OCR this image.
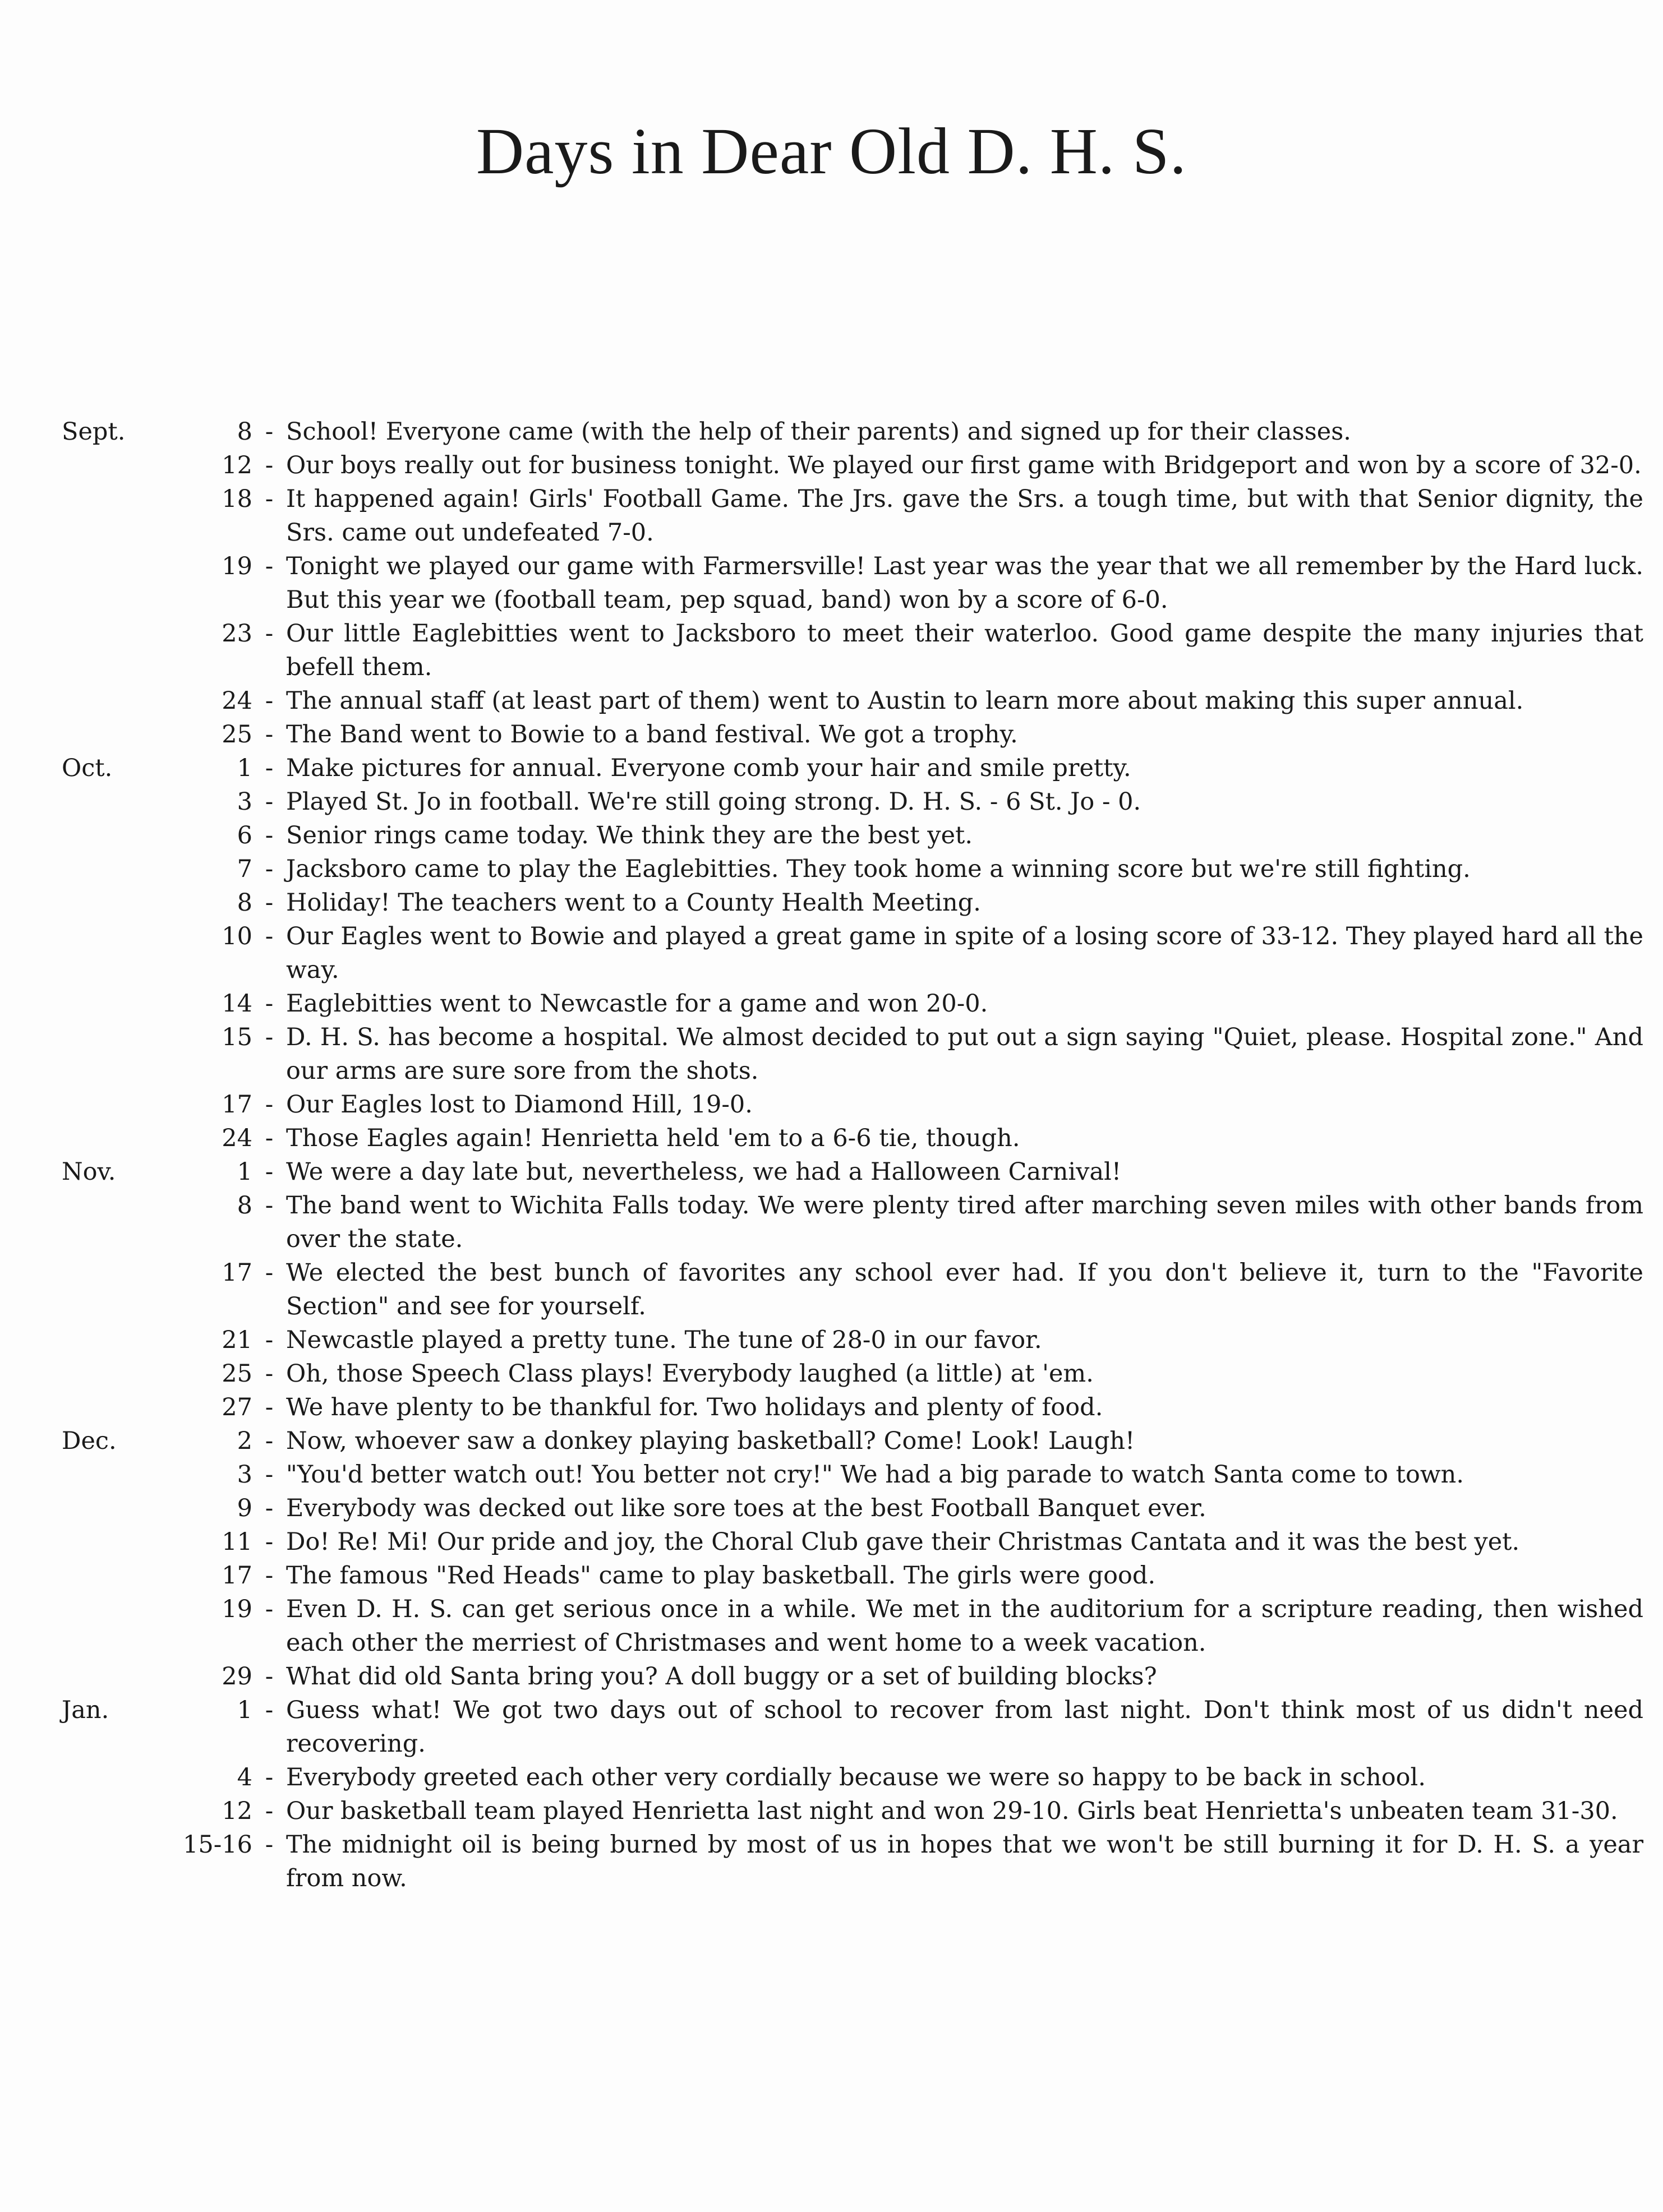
Days in Dear Old D. H. S.
Sept.	8 - School! Everyone came (with the help of their parents) and signed up for their classes.
12 - Our boys really out for business tonight. We played our first game with Bridgeport and won by a score of 32-0.
18 - It happened again! Girls' Football Game. The Jrs. gave the Srs. a tough time, but with that Senior dignity, the Srs. came out undefeated 7-0.
19 - Tonight we played our game with Farmersville! Last year was the year that we all remember by the Hard luck. But this year we (football team, pep squad, band) won by a score of 6-0.
23 - Our little Eaglebitties went to Jacksboro to meet their waterloo. Good game despite the many injuries that befell them.
24 - The annual staff (at least part of them) went to Austin to learn more about making this super annual.
25 - The Band went to Bowie to a band festival. We got a trophy.
Oct.	1 - Make pictures for annual. Everyone comb your hair and smile pretty.
3 - Played St. Jo in football. We're still going strong. D. H. S. - 6 St. Jo - 0.
6 - Senior rings came today. We think they are the best yet.
7 - Jacksboro came to play the Eaglebitties. They took home a winning score but we're still fighting.
8 - Holiday! The teachers went to a County Health Meeting.
10 - Our Eagles went to Bowie and played a great game in spite of a losing score of 33-12. They played hard all the way.
14 - Eaglebitties went to Newcastle for a game and won 20-0.
15 - D. H. S. has become a hospital. We almost decided to put out a sign saying "Quiet, please. Hospital zone." And our arms are sure sore from the shots.
17 - Our Eagles lost to Diamond Hill, 19-0.
24 - Those Eagles again! Henrietta held 'em to a 6-6 tie, though.
Nov.	1 - We were a day late but, nevertheless, we had a Halloween Carnival!
8 - The band went to Wichita Falls today. We were plenty tired after marching seven miles with other bands from over the state.
17 - We elected the best bunch of favorites any school ever had. If you don't believe it, turn to the "Favorite Section" and see for yourself.
21 - Newcastle played a pretty tune. The tune of 28-0 in our favor.
25 - Oh, those Speech Class plays! Everybody laughed (a little) at 'em.
27 - We have plenty to be thankful for. Two holidays and plenty of food.
Dec.	2 - Now, whoever saw a donkey playing basketball? Come! Look! Laugh!
3 - "You'd better watch out! You better not cry!" We had a big parade to watch Santa come to town.
9 - Everybody was decked out like sore toes at the best Football Banquet ever.
11 - Do! Re! Mi! Our pride and joy, the Choral Club gave their Christmas Cantata and it was the best yet.
17 - The famous "Red Heads" came to play basketball. The girls were good.
19 - Even D. H. S. can get serious once in a while. We met in the auditorium for a scripture reading, then wished each other the merriest of Christmases and went home to a week vacation.
29 - What did old Santa bring you? A doll buggy or a set of building blocks?
Jan.	1 - Guess what! We got two days out of school to recover from last night. Don't think most of us didn't need recovering.
4 - Everybody greeted each other very cordially because we were so happy to be back in school.
12 - Our basketball team played Henrietta last night and won 29-10. Girls beat Henrietta's unbeaten team 31-30.
15-16 - The midnight oil is being burned by most of us in hopes that we won't be still burning it for D. H. S. a year from now.
